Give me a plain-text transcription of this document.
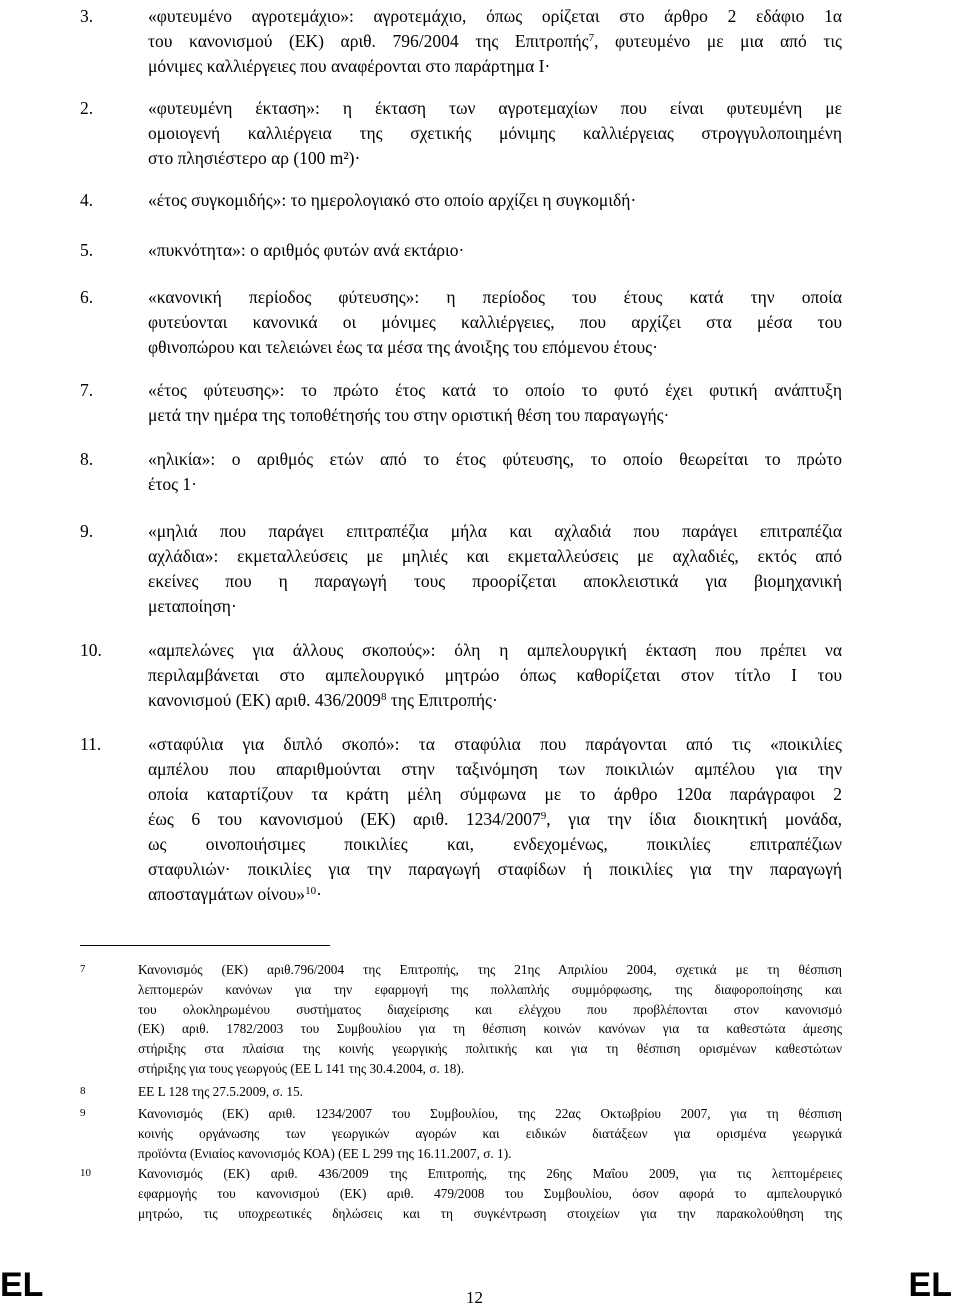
3.	«φυτευμένο αγροτεμάχιο»: αγροτεμάχιο, όπως ορίζεται στο άρθρο 2 εδάφιο 1α
του κανονισμού (ΕΚ) αριθ. 796/2004 της Επιτροπής$^7$, φυτευμένο με μια από τις
μόνιμες καλλιέργειες που αναφέρονται στο παράρτημα Ι·
2.	«φυτευμένη έκταση»: η έκταση των αγροτεμαχίων που είναι φυτευμένη με
ομοιογενή καλλιέργεια της σχετικής μόνιμης καλλιέργειας στρογγυλοποιημένη
στο πλησιέστερο αρ (100 m²)·
4.	«έτος συγκομιδής»: το ημερολογιακό στο οποίο αρχίζει η συγκομιδή·
5.	«πυκνότητα»: ο αριθμός φυτών ανά εκτάριο·
6.	«κανονική περίοδος φύτευσης»: η περίοδος του έτους κατά την οποία
φυτεύονται κανονικά οι μόνιμες καλλιέργειες, που αρχίζει στα μέσα του
φθινοπώρου και τελειώνει έως τα μέσα της άνοιξης του επόμενου έτους·
7.	«έτος φύτευσης»: το πρώτο έτος κατά το οποίο το φυτό έχει φυτική ανάπτυξη
μετά την ημέρα της τοποθέτησής του στην οριστική θέση του παραγωγής·
8.	«ηλικία»: ο αριθμός ετών από το έτος φύτευσης, το οποίο θεωρείται το πρώτο
έτος 1·
9.	«μηλιά που παράγει επιτραπέζια μήλα και αχλαδιά που παράγει επιτραπέζια
αχλάδια»: εκμεταλλεύσεις με μηλιές και εκμεταλλεύσεις με αχλαδιές, εκτός από
εκείνες που η παραγωγή τους προορίζεται αποκλειστικά για βιομηχανική
μεταποίηση·
10.	«αμπελώνες για άλλους σκοπούς»: όλη η αμπελουργική έκταση που πρέπει να
περιλαμβάνεται στο αμπελουργικό μητρώο όπως καθορίζεται στον τίτλο Ι του
κανονισμού (ΕΚ) αριθ. 436/2009$^8$ της Επιτροπής·
11.	«σταφύλια για διπλό σκοπό»: τα σταφύλια που παράγονται από τις «ποικιλίες
αμπέλου που απαριθμούνται στην ταξινόμηση των ποικιλιών αμπέλου για την
οποία καταρτίζουν τα κράτη μέλη σύμφωνα με το άρθρο 120α παράγραφοι 2
έως 6 του κανονισμού (ΕΚ) αριθ. 1234/2007$^9$, για την ίδια διοικητική μονάδα,
ως οινοποιήσιμες ποικιλίες και, ενδεχομένως, ποικιλίες επιτραπέζιων
σταφυλιών· ποικιλίες για την παραγωγή σταφίδων ή ποικιλίες για την παραγωγή
αποσταγμάτων οίνου»$^{10}$·
7	Κανονισμός (ΕΚ) αριθ.796/2004 της Επιτροπής, της 21ης Απριλίου 2004, σχετικά με τη θέσπιση
λεπτομερών κανόνων για την εφαρμογή της πολλαπλής συμμόρφωσης, της διαφοροποίησης και
του ολοκληρωμένου συστήματος διαχείρισης και ελέγχου που προβλέπονται στον κανονισμό
(ΕΚ) αριθ. 1782/2003 του Συμβουλίου για τη θέσπιση κοινών κανόνων για τα καθεστώτα άμεσης
στήριξης στα πλαίσια της κοινής γεωργικής πολιτικής και για τη θέσπιση ορισμένων καθεστώτων
στήριξης για τους γεωργούς (ΕΕ L 141 της 30.4.2004, σ. 18).
8	ΕΕ L 128 της 27.5.2009, σ. 15.
9	Κανονισμός (ΕΚ) αριθ. 1234/2007 του Συμβουλίου, της 22ας Οκτωβρίου 2007, για τη θέσπιση
κοινής οργάνωσης των γεωργικών αγορών και ειδικών διατάξεων για ορισμένα γεωργικά
προϊόντα (Ενιαίος κανονισμός ΚΟΑ) (ΕΕ L 299 της 16.11.2007, σ. 1).
10	Κανονισμός (ΕΚ) αριθ. 436/2009 της Επιτροπής, της 26ης Μαΐου 2009, για τις λεπτομέρειες
εφαρμογής του κανονισμού (ΕΚ) αριθ. 479/2008 του Συμβουλίου, όσον αφορά το αμπελουργικό
μητρώο, τις υποχρεωτικές δηλώσεις και τη συγκέντρωση στοιχείων για την παρακολούθηση της
EL	12	EL
